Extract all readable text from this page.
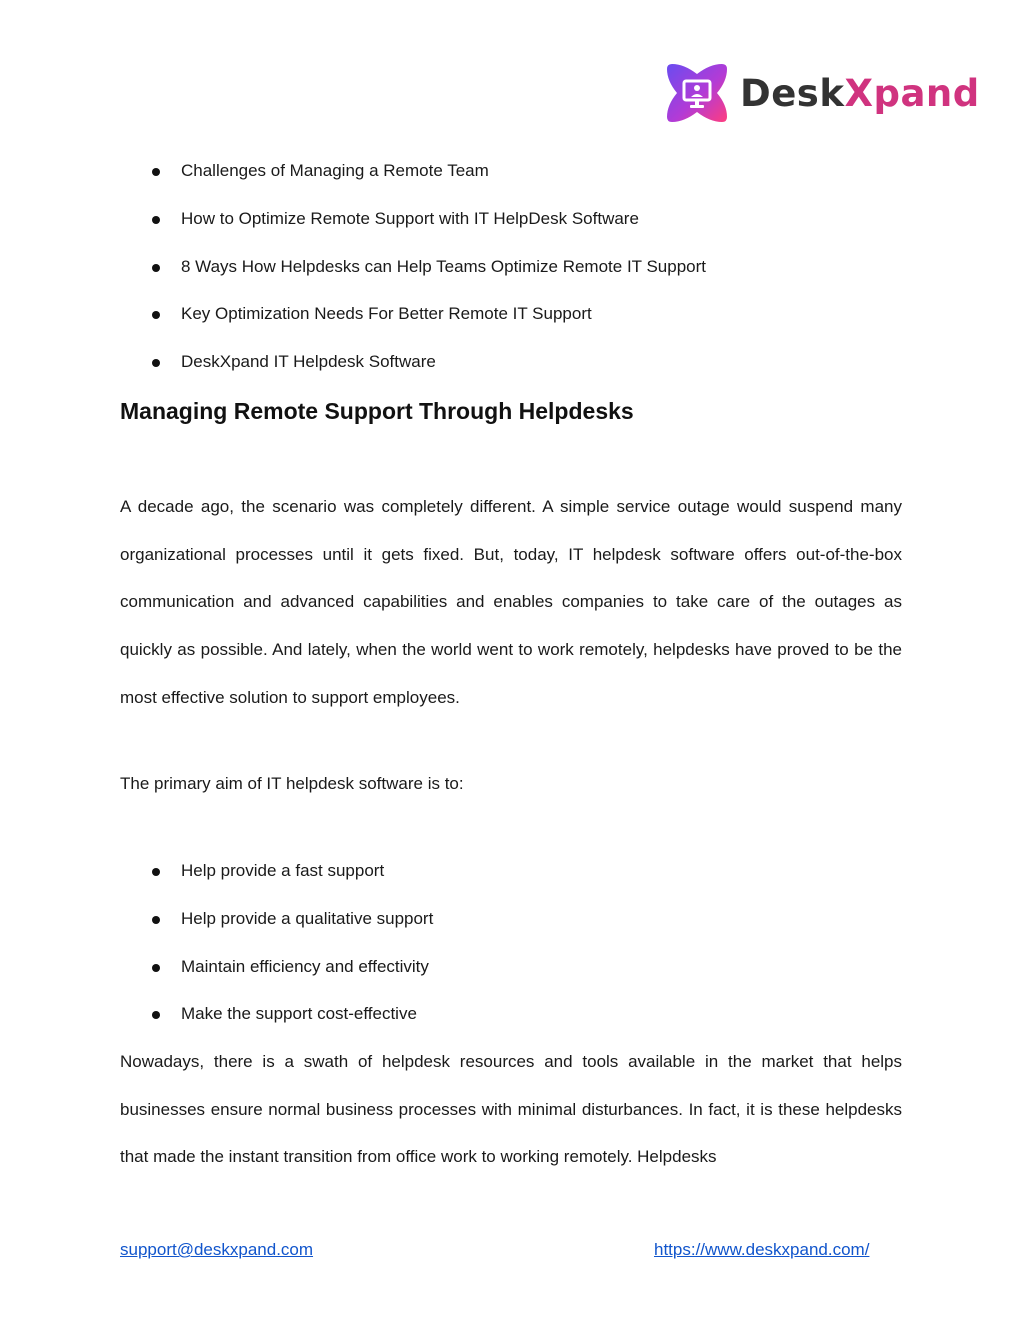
DeskXpand
Challenges of Managing a Remote Team
How to Optimize Remote Support with IT HelpDesk Software
8 Ways How Helpdesks can Help Teams Optimize Remote IT Support
Key Optimization Needs For Better Remote IT Support
DeskXpand IT Helpdesk Software
Managing Remote Support Through Helpdesks

A decade ago, the scenario was completely different. A simple service outage would suspend many organizational processes until it gets fixed. But, today, IT helpdesk software offers out-of-the-box communication and advanced capabilities and enables companies to take care of the outages as quickly as possible. And lately, when the world went to work remotely, helpdesks have proved to be the most effective solution to support employees.

The primary aim of IT helpdesk software is to:

Help provide a fast support
Help provide a qualitative support
Maintain efficiency and effectivity
Make the support cost-effective

Nowadays, there is a swath of helpdesk resources and tools available in the market that helps businesses ensure normal business processes with minimal disturbances. In fact, it is these helpdesks that made the instant transition from office work to working remotely. Helpdesks

support@deskxpand.com	https://www.deskxpand.com/
